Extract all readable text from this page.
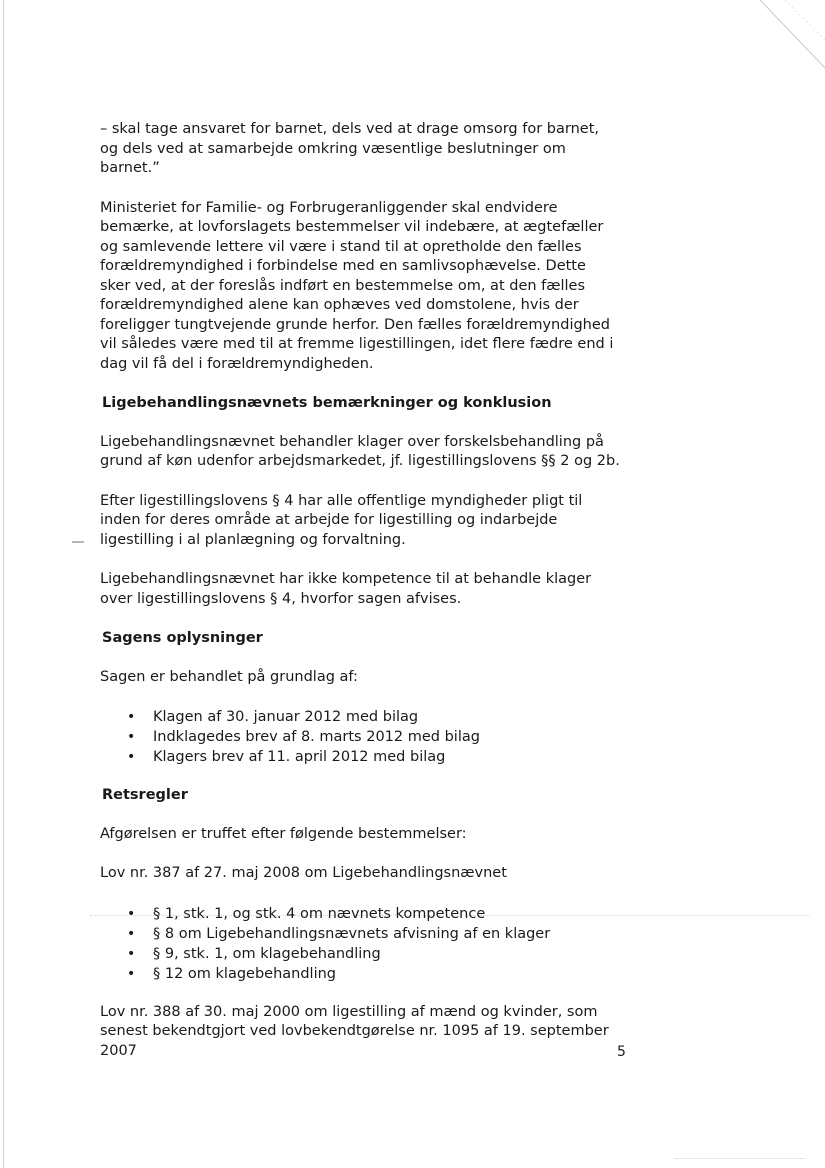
– skal tage ansvaret for barnet, dels ved at drage omsorg for barnet, og dels ved at samarbejde omkring væsentlige beslutninger om barnet.”

Ministeriet for Familie- og Forbrugeranliggender skal endvidere bemærke, at lovforslagets bestemmelser vil indebære, at ægtefæller og samlevende lettere vil være i stand til at opretholde den fælles forældremyndighed i forbindelse med en samlivsophævelse. Dette sker ved, at der foreslås indført en bestemmelse om, at den fælles forældremyndighed alene kan ophæves ved domstolene, hvis der foreligger tungtvejende grunde herfor. Den fælles forældremyndighed vil således være med til at fremme ligestillingen, idet flere fædre end i dag vil få del i forældremyndigheden.

Ligebehandlingsnævnets bemærkninger og konklusion

Ligebehandlingsnævnet behandler klager over forskelsbehandling på grund af køn udenfor arbejdsmarkedet, jf. ligestillingslovens §§ 2 og 2b.

Efter ligestillingslovens § 4 har alle offentlige myndigheder pligt til inden for deres område at arbejde for ligestilling og indarbejde ligestilling i al planlægning og forvaltning.

Ligebehandlingsnævnet har ikke kompetence til at behandle klager over ligestillingslovens § 4, hvorfor sagen afvises.

Sagens oplysninger

Sagen er behandlet på grundlag af:

• Klagen af 30. januar 2012 med bilag
• Indklagedes brev af 8. marts 2012 med bilag
• Klagers brev af 11. april 2012 med bilag
Retsregler

Afgørelsen er truffet efter følgende bestemmelser:

Lov nr. 387 af 27. maj 2008 om Ligebehandlingsnævnet

• § 1, stk. 1, og stk. 4 om nævnets kompetence
• § 8 om Ligebehandlingsnævnets afvisning af en klager
• § 9, stk. 1, om klagebehandling
• § 12 om klagebehandling

Lov nr. 388 af 30. maj 2000 om ligestilling af mænd og kvinder, som senest bekendtgjort ved lovbekendtgørelse nr. 1095 af 19. september 2007	5
